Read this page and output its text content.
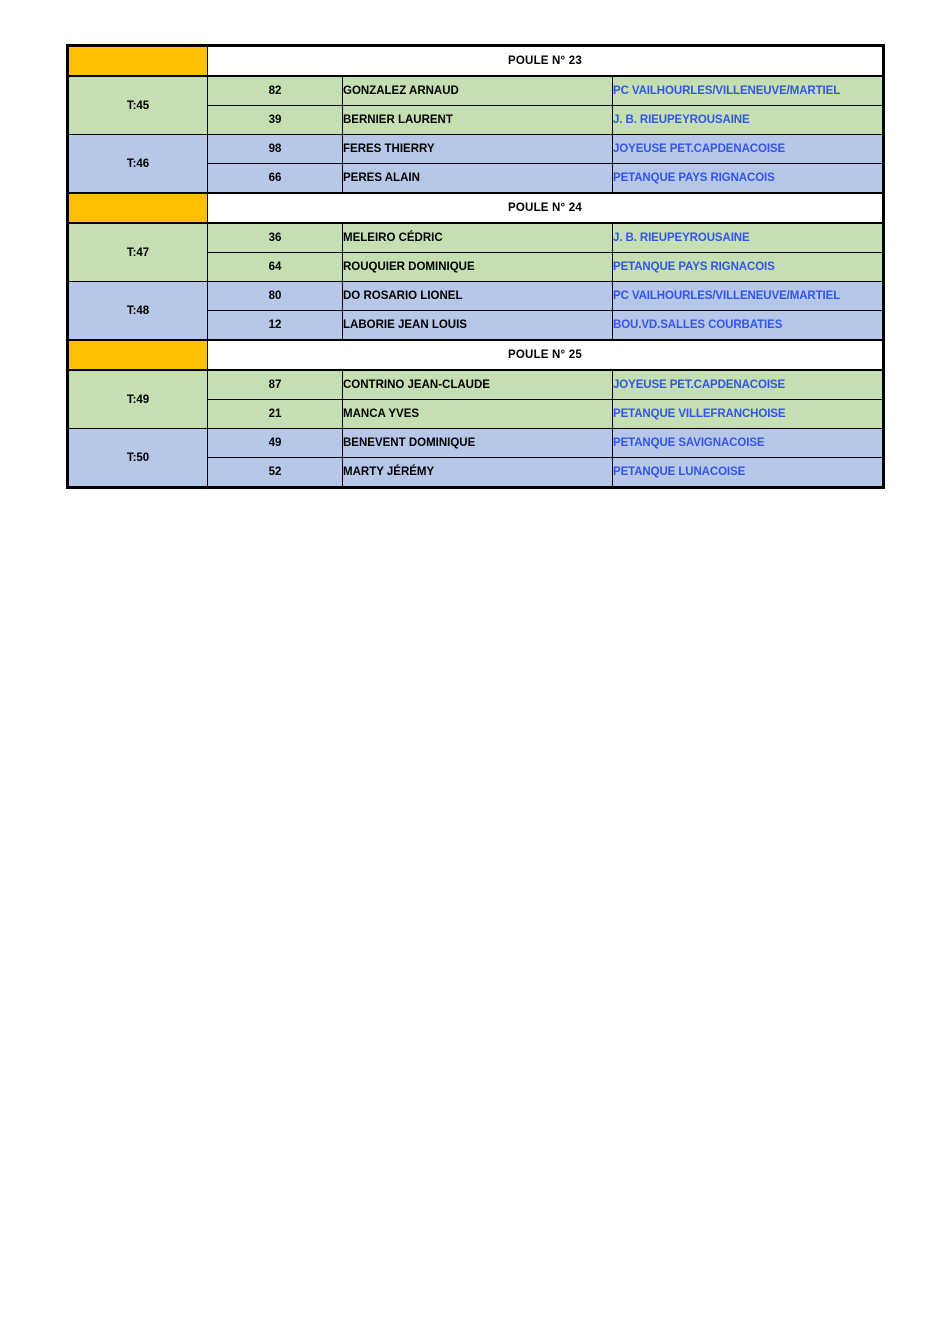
	POULE N° 23		
T:45	82	GONZALEZ ARNAUD	PC VAILHOURLES/VILLENEUVE/MARTIEL
	39	BERNIER LAURENT	J. B. RIEUPEYROUSAINE
T:46	98	FERES THIERRY	JOYEUSE PET.CAPDENACOISE
	66	PERES ALAIN	PETANQUE PAYS RIGNACOIS
	POULE N° 24		
T:47	36	MELEIRO CÉDRIC	J. B. RIEUPEYROUSAINE
	64	ROUQUIER DOMINIQUE	PETANQUE PAYS RIGNACOIS
T:48	80	DO ROSARIO LIONEL	PC VAILHOURLES/VILLENEUVE/MARTIEL
	12	LABORIE JEAN LOUIS	BOU.VD.SALLES COURBATIES
	POULE N° 25		
T:49	87	CONTRINO JEAN-CLAUDE	JOYEUSE PET.CAPDENACOISE
	21	MANCA YVES	PETANQUE VILLEFRANCHOISE
T:50	49	BENEVENT DOMINIQUE	PETANQUE SAVIGNACOISE
	52	MARTY JÉRÉMY	PETANQUE LUNACOISE
